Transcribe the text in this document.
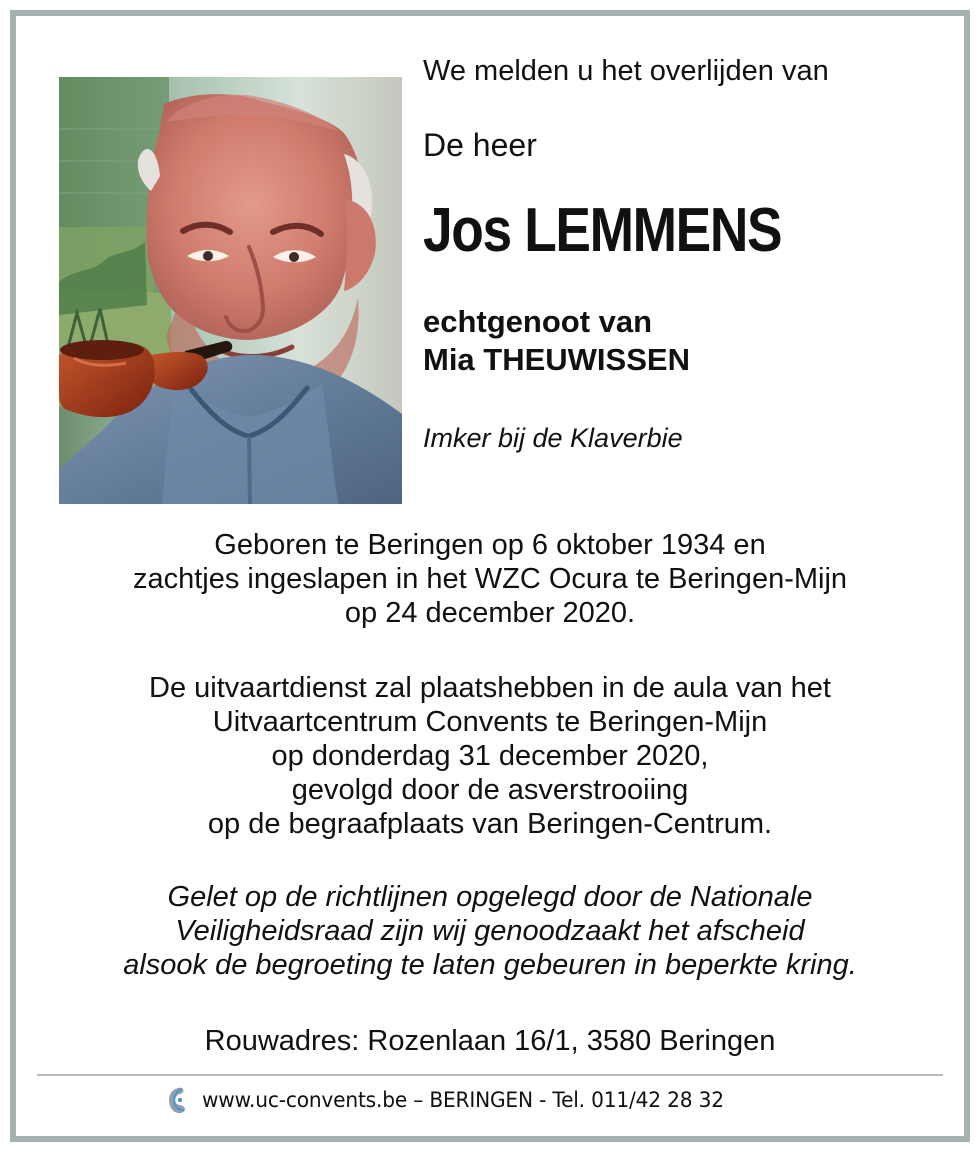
We melden u het overlijden van
De heer
Jos LEMMENS
echtgenoot van
Mia THEUWISSEN
Imker bij de Klaverbie
Geboren te Beringen op 6 oktober 1934 en
zachtjes ingeslapen in het WZC Ocura te Beringen-Mijn
op 24 december 2020.
De uitvaartdienst zal plaatshebben in de aula van het
Uitvaartcentrum Convents te Beringen-Mijn
op donderdag 31 december 2020,
gevolgd door de asverstrooiing
op de begraafplaats van Beringen-Centrum.
Gelet op de richtlijnen opgelegd door de Nationale
Veiligheidsraad zijn wij genoodzaakt het afscheid
alsook de begroeting te laten gebeuren in beperkte kring.
Rouwadres: Rozenlaan 16/1, 3580 Beringen
www.uc-convents.be – BERINGEN - Tel. 011/42 28 32
